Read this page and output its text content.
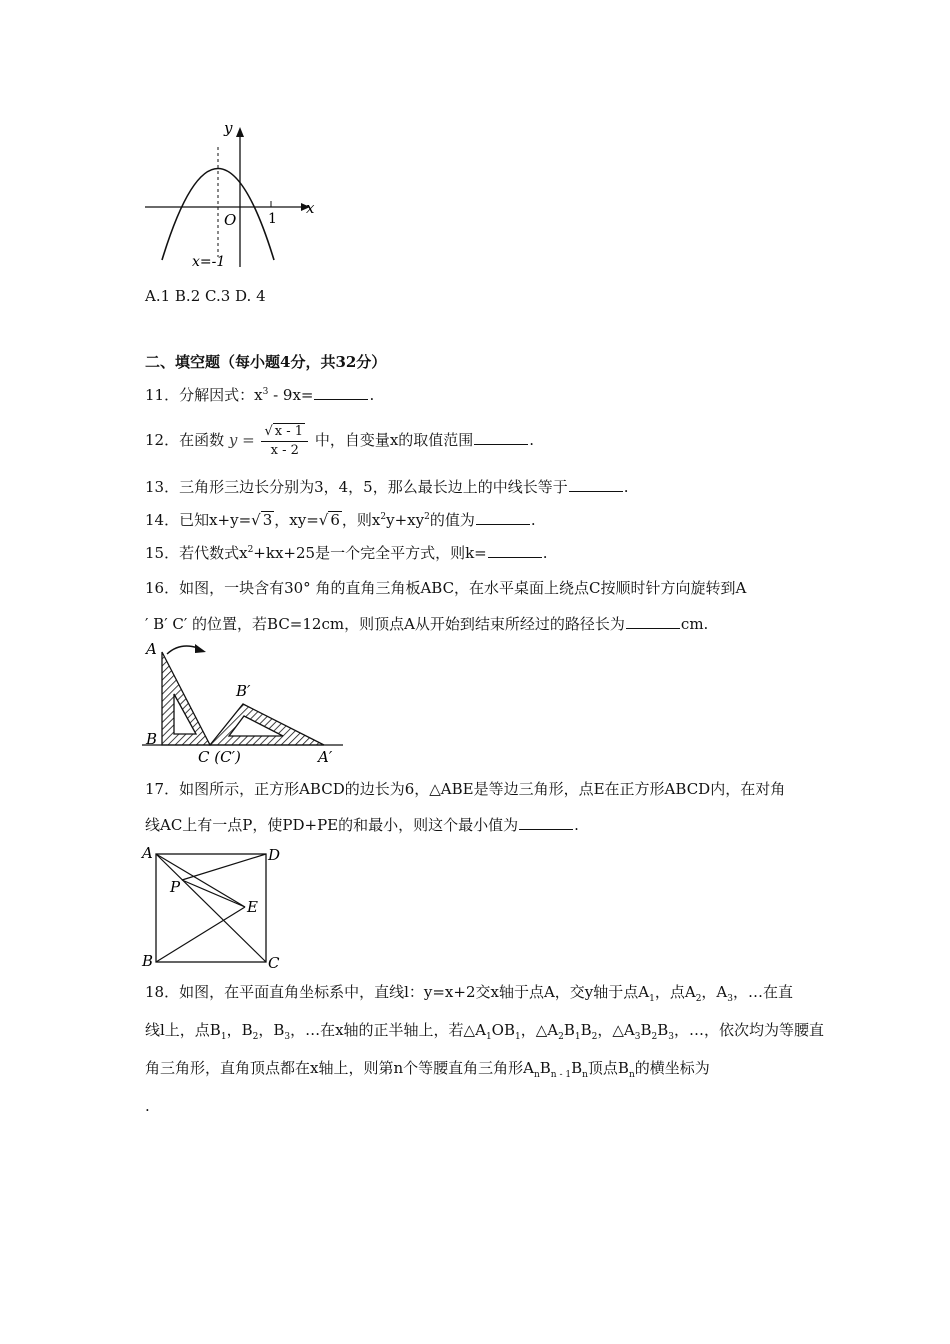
y
x
O 1
x=-1
A.1 B.2 C.3 D. 4
二、填空题（每小题4分，共32分）
11．分解因式：$x^3 - 9x=$	.
12．在函数 $y = \frac{√ x - 1}{x - 2}$ 中，自变量x的取值范围	.
13．三角形三边长分别为3，4，5，那么最长边上的中线长等于	.
14．已知x+y=√ 3 ，xy=√ 6 ，则$x^2y+xy^2$的值为	.
15．若代数式$x^2+kx+25$是一个完全平方式，则k=	.
16．如图，一块含有30° 角的直角三角板ABC，在水平桌面上绕点C按顺时针方向旋转到A
′ B′ C′ 的位置，若BC=12cm，则顶点A从开始到结束所经过的路径长为	cm.
A
B
C (C′)
B′
A′
17．如图所示，正方形ABCD的边长为6，△ABE是等边三角形，点E在正方形ABCD内，在对角
线AC上有一点P，使PD+PE的和最小，则这个最小值为	.
A	D
P
E
B	C
18．如图，在平面直角坐标系中，直线l：y=x+2交x轴于点A，交y轴于点$A_1$，点$A_2$，$A_3$，…在直
线l上，点$B_1$，$B_2$，$B_3$，…在x轴的正半轴上，若$\triangle A_1OB_1$，$\triangle A_2B_1B_2$，$\triangle A_3B_2B_3$，…，依次均为等腰直
角三角形，直角顶点都在x轴上，则第n个等腰直角三角形$A_nB_{n - 1}B_n$顶点$B_n$的横坐标为
.
